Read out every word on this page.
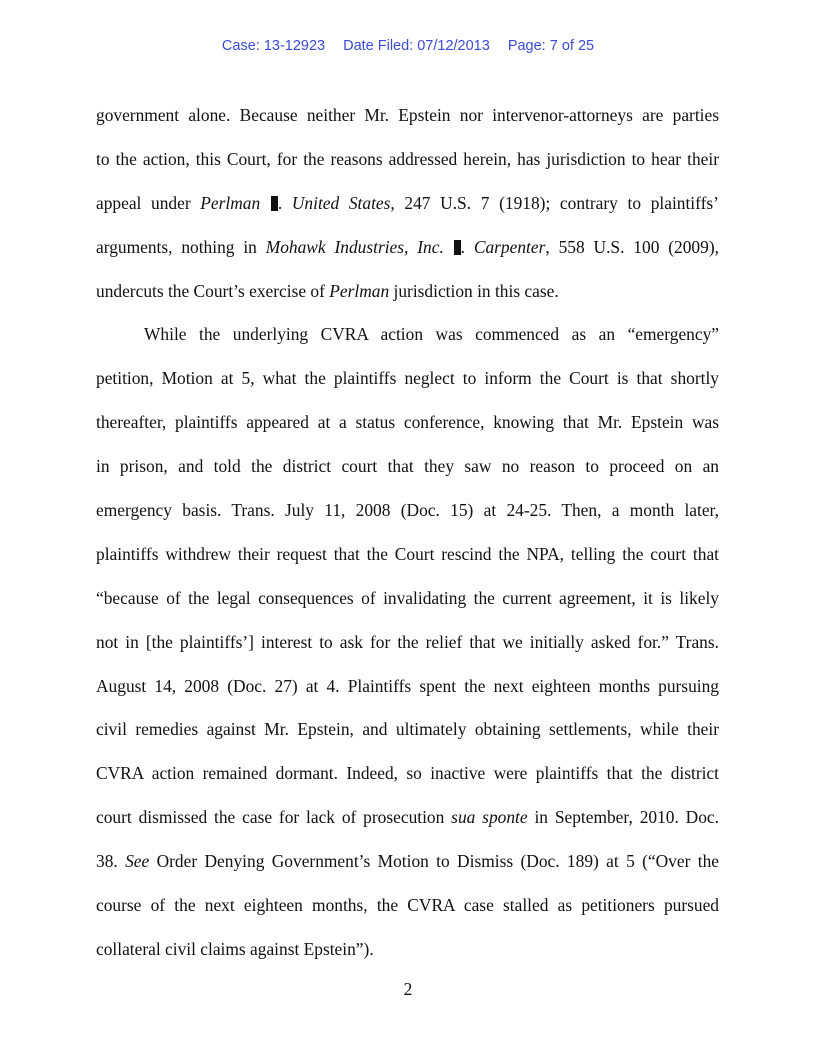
Case: 13-12923 Date Filed: 07/12/2013 Page: 7 of 25
government alone. Because neither Mr. Epstein nor intervenor-attorneys are parties
to the action, this Court, for the reasons addressed herein, has jurisdiction to hear their
appeal under Perlman . United States, 247 U.S. 7 (1918); contrary to plaintiffs’
arguments, nothing in Mohawk Industries, Inc. . Carpenter, 558 U.S. 100 (2009),
undercuts the Court’s exercise of Perlman jurisdiction in this case.
While the underlying CVRA action was commenced as an “emergency”
petition, Motion at 5, what the plaintiffs neglect to inform the Court is that shortly
thereafter, plaintiffs appeared at a status conference, knowing that Mr. Epstein was
in prison, and told the district court that they saw no reason to proceed on an
emergency basis. Trans. July 11, 2008 (Doc. 15) at 24-25. Then, a month later,
plaintiffs withdrew their request that the Court rescind the NPA, telling the court that
“because of the legal consequences of invalidating the current agreement, it is likely
not in [the plaintiffs’] interest to ask for the relief that we initially asked for.” Trans.
August 14, 2008 (Doc. 27) at 4. Plaintiffs spent the next eighteen months pursuing
civil remedies against Mr. Epstein, and ultimately obtaining settlements, while their
CVRA action remained dormant. Indeed, so inactive were plaintiffs that the district
court dismissed the case for lack of prosecution sua sponte in September, 2010. Doc.
38. See Order Denying Government’s Motion to Dismiss (Doc. 189) at 5 (“Over the
course of the next eighteen months, the CVRA case stalled as petitioners pursued
collateral civil claims against Epstein”).
2
